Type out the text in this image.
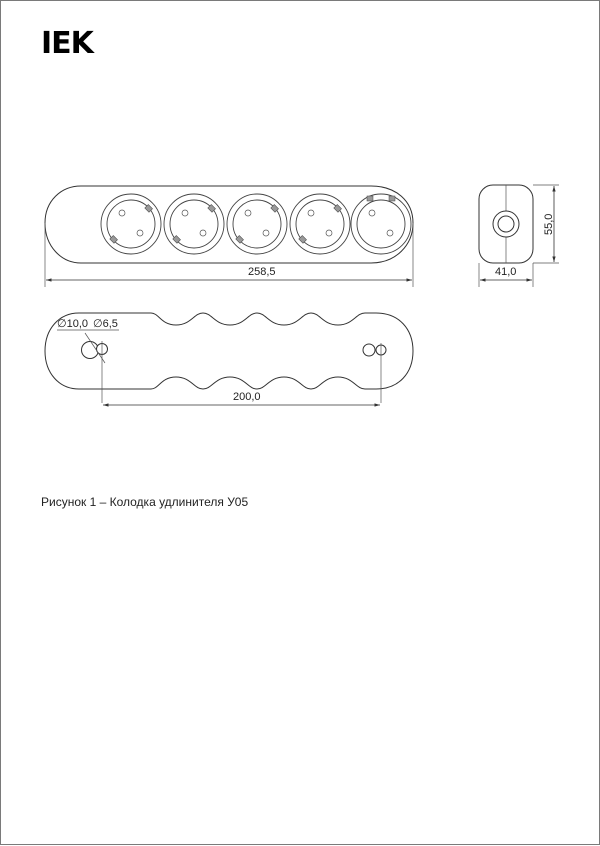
IEK
258,5
55,0
41,0
∅10,0 ∅6,5
200,0
Рисунок 1 – Колодка удлинителя У05
